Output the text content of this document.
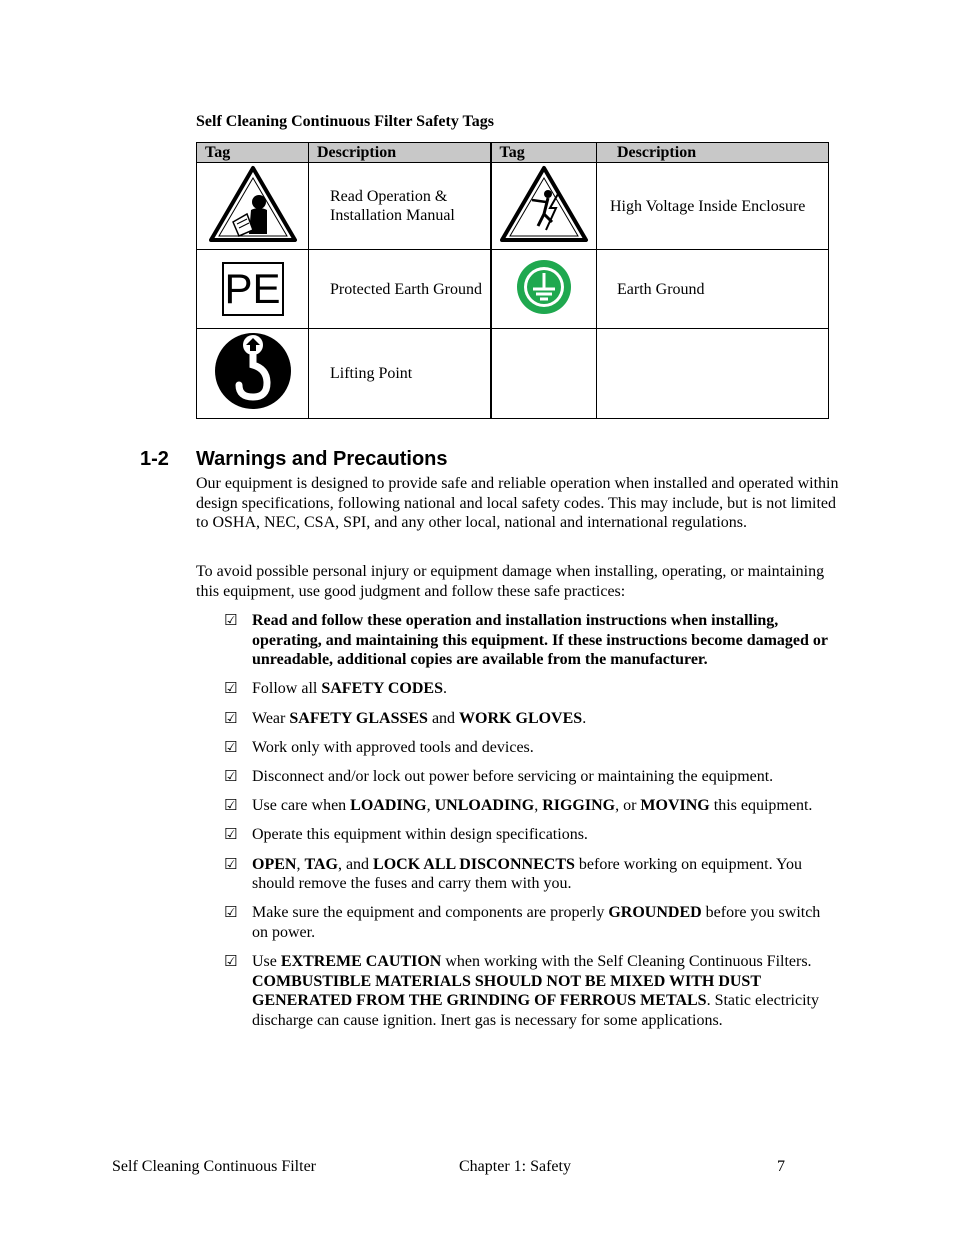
Self Cleaning Continuous Filter Safety Tags
Tag	Description	Tag	Description
	Read Operation & Installation Manual		High Voltage Inside Enclosure
PE	Protected Earth Ground		Earth Ground
	Lifting Point		
1-2 Warnings and Precautions
Our equipment is designed to provide safe and reliable operation when installed and operated within design specifications, following national and local safety codes. This may include, but is not limited to OSHA, NEC, CSA, SPI, and any other local, national and international regulations.
To avoid possible personal injury or equipment damage when installing, operating, or maintaining this equipment, use good judgment and follow these safe practices:
☑ Read and follow these operation and installation instructions when installing, operating, and maintaining this equipment. If these instructions become damaged or unreadable, additional copies are available from the manufacturer.
☑ Follow all SAFETY CODES.
☑ Wear SAFETY GLASSES and WORK GLOVES.
☑ Work only with approved tools and devices.
☑ Disconnect and/or lock out power before servicing or maintaining the equipment.
☑ Use care when LOADING, UNLOADING, RIGGING, or MOVING this equipment.
☑ Operate this equipment within design specifications.
☑ OPEN, TAG, and LOCK ALL DISCONNECTS before working on equipment. You should remove the fuses and carry them with you.
☑ Make sure the equipment and components are properly GROUNDED before you switch on power.
☑ Use EXTREME CAUTION when working with the Self Cleaning Continuous Filters. COMBUSTIBLE MATERIALS SHOULD NOT BE MIXED WITH DUST GENERATED FROM THE GRINDING OF FERROUS METALS. Static electricity discharge can cause ignition. Inert gas is necessary for some applications.
Self Cleaning Continuous Filter	Chapter 1: Safety	7
